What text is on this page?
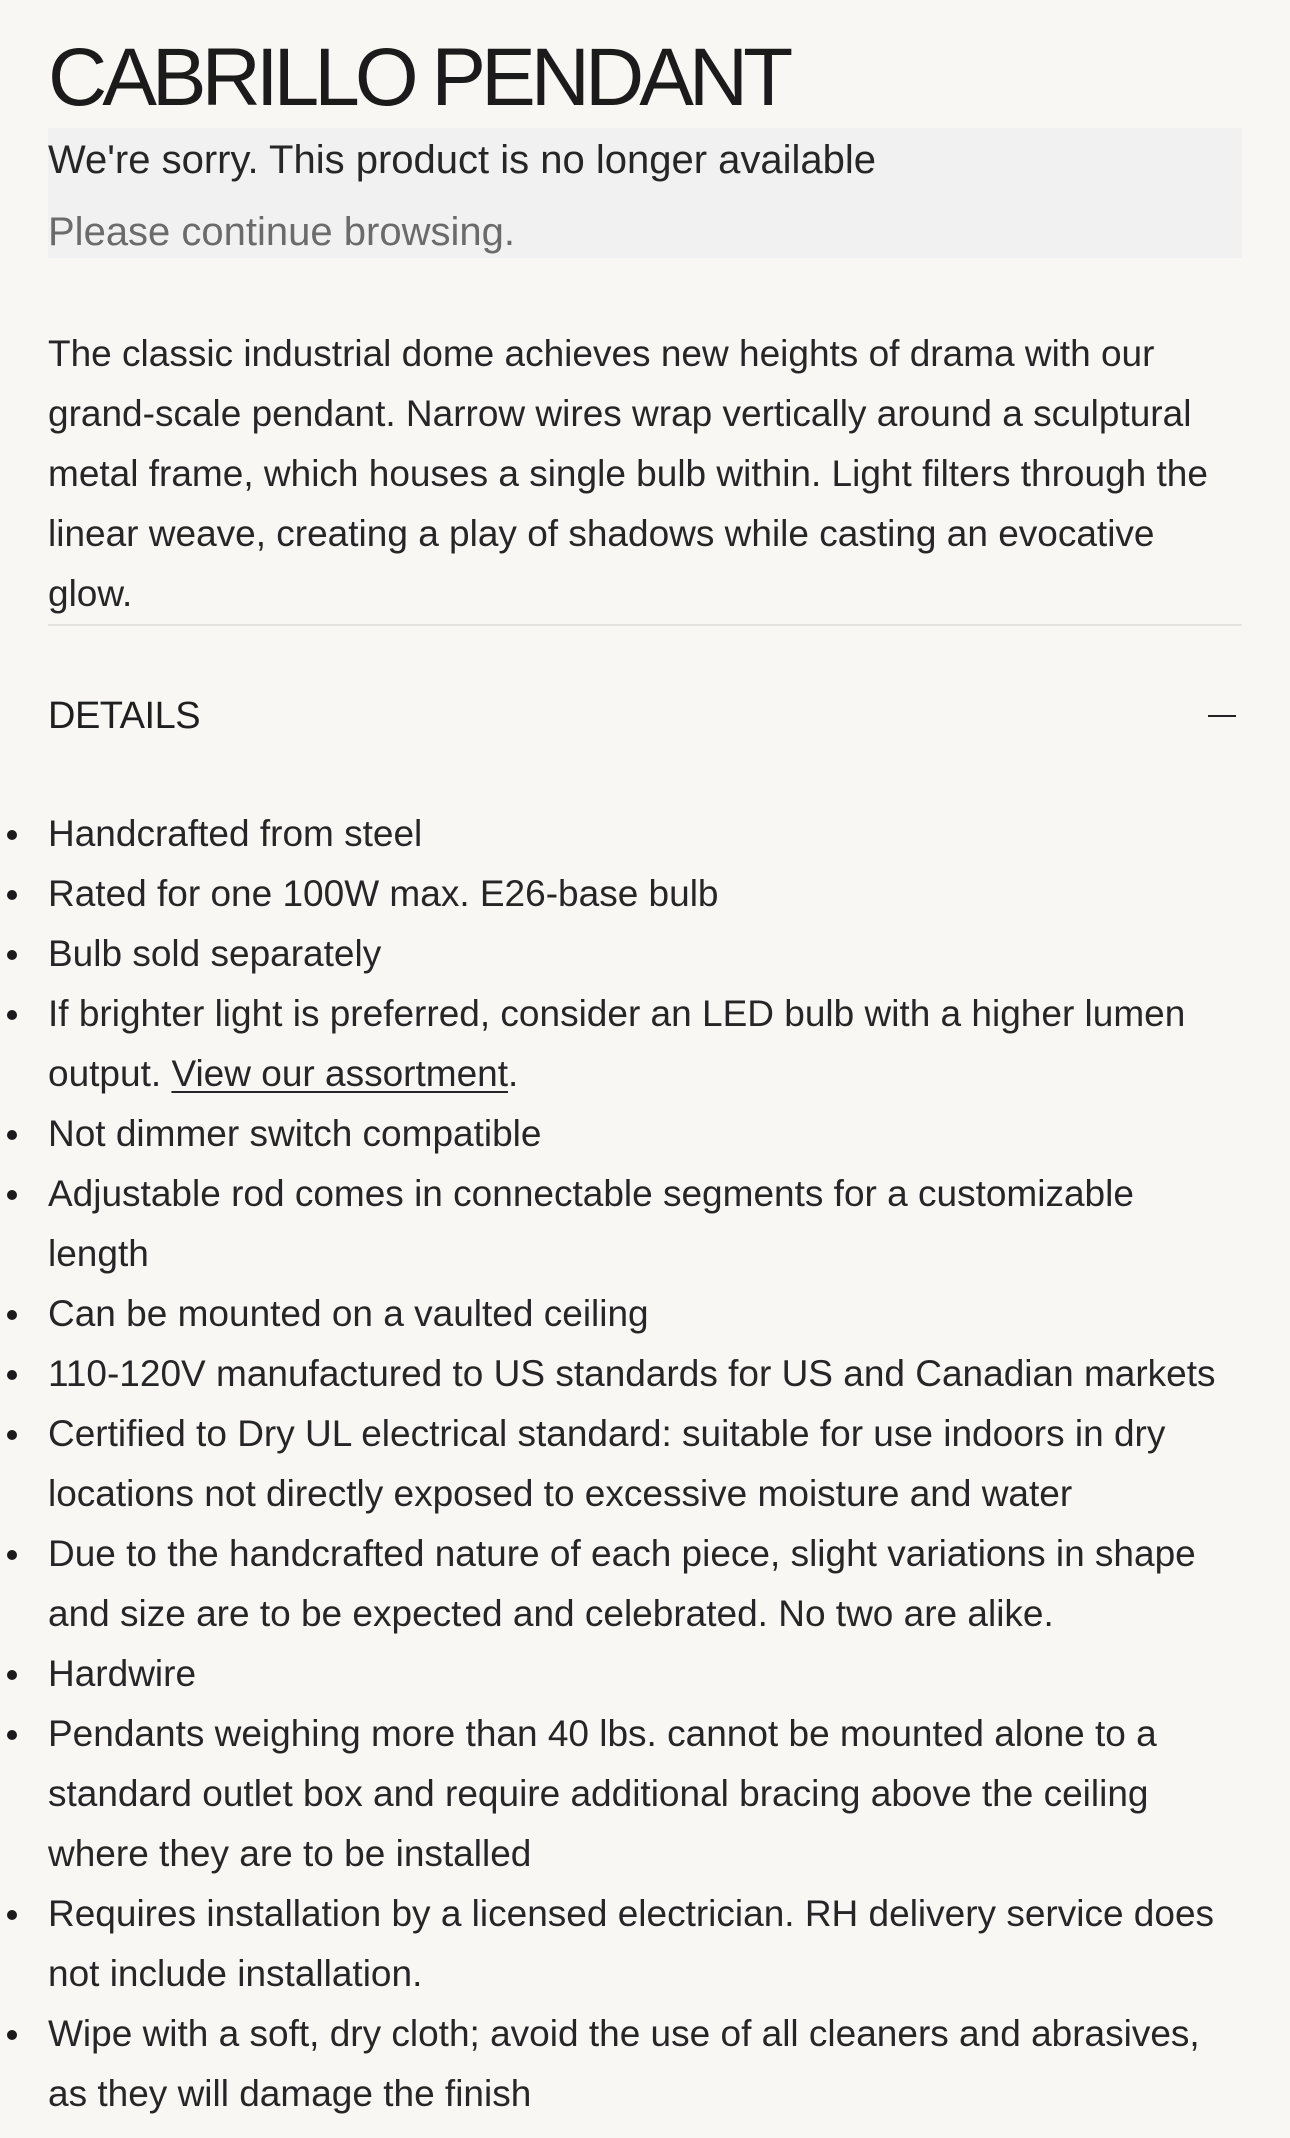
CABRILLO PENDANT
We're sorry. This product is no longer available
Please continue browsing.

The classic industrial dome achieves new heights of drama with our grand-scale pendant. Narrow wires wrap vertically around a sculptural metal frame, which houses a single bulb within. Light filters through the linear weave, creating a play of shadows while casting an evocative glow.

DETAILS
Handcrafted from steel
Rated for one 100W max. E26-base bulb
Bulb sold separately
If brighter light is preferred, consider an LED bulb with a higher lumen output. View our assortment.
Not dimmer switch compatible
Adjustable rod comes in connectable segments for a customizable length
Can be mounted on a vaulted ceiling
110-120V manufactured to US standards for US and Canadian markets
Certified to Dry UL electrical standard: suitable for use indoors in dry locations not directly exposed to excessive moisture and water
Due to the handcrafted nature of each piece, slight variations in shape and size are to be expected and celebrated. No two are alike.
Hardwire
Pendants weighing more than 40 lbs. cannot be mounted alone to a standard outlet box and require additional bracing above the ceiling where they are to be installed
Requires installation by a licensed electrician. RH delivery service does not include installation.
Wipe with a soft, dry cloth; avoid the use of all cleaners and abrasives, as they will damage the finish
